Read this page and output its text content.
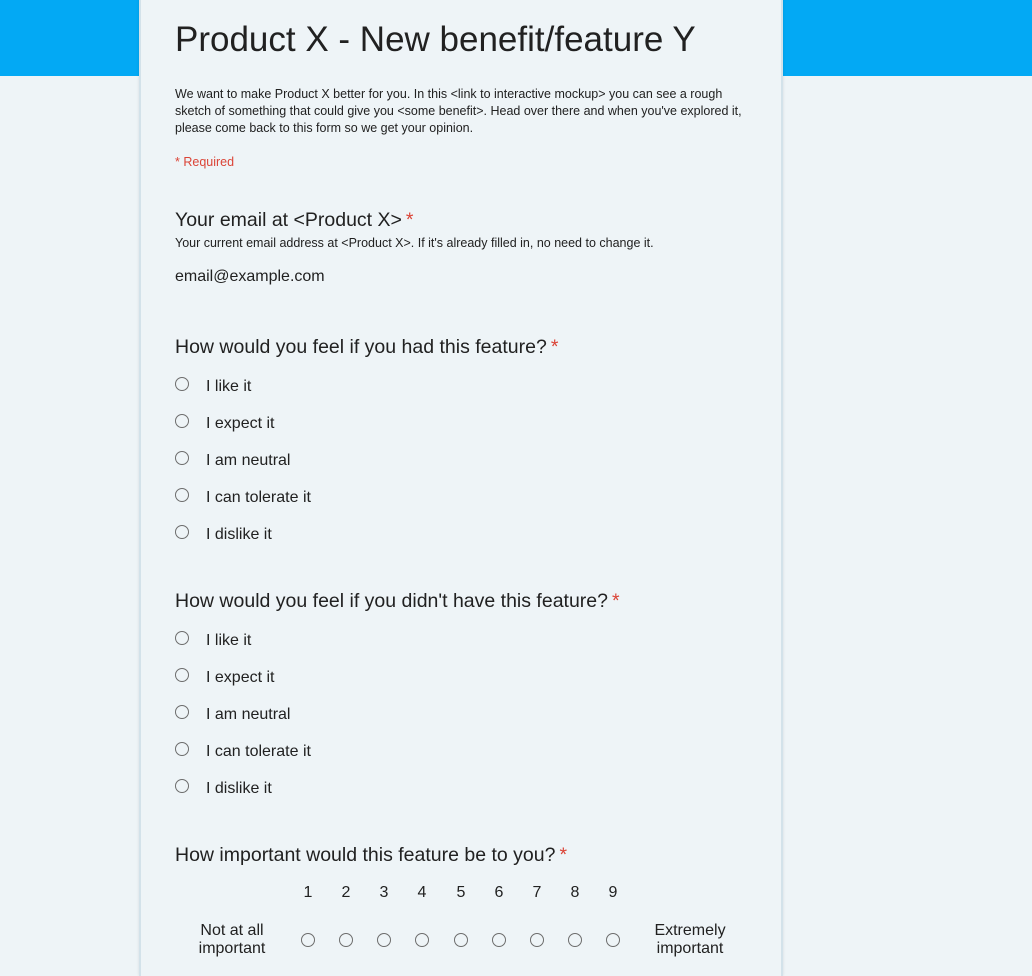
Product X - New benefit/feature Y

We want to make Product X better for you. In this <link to interactive mockup> you can see a rough sketch of something that could give you <some benefit>. Head over there and when you've explored it, please come back to this form so we get your opinion.

* Required
Your email at <Product X> *
Your current email address at <Product X>. If it's already filled in, no need to change it.
email@example.com
How would you feel if you had this feature? *
I like it
I expect it
I am neutral
I can tolerate it
I dislike it
How would you feel if you didn't have this feature? *
I like it
I expect it
I am neutral
I can tolerate it
I dislike it
How important would this feature be to you? *
Not at all important
Extremely important
1	2	3	4	5	6	7	8	9
